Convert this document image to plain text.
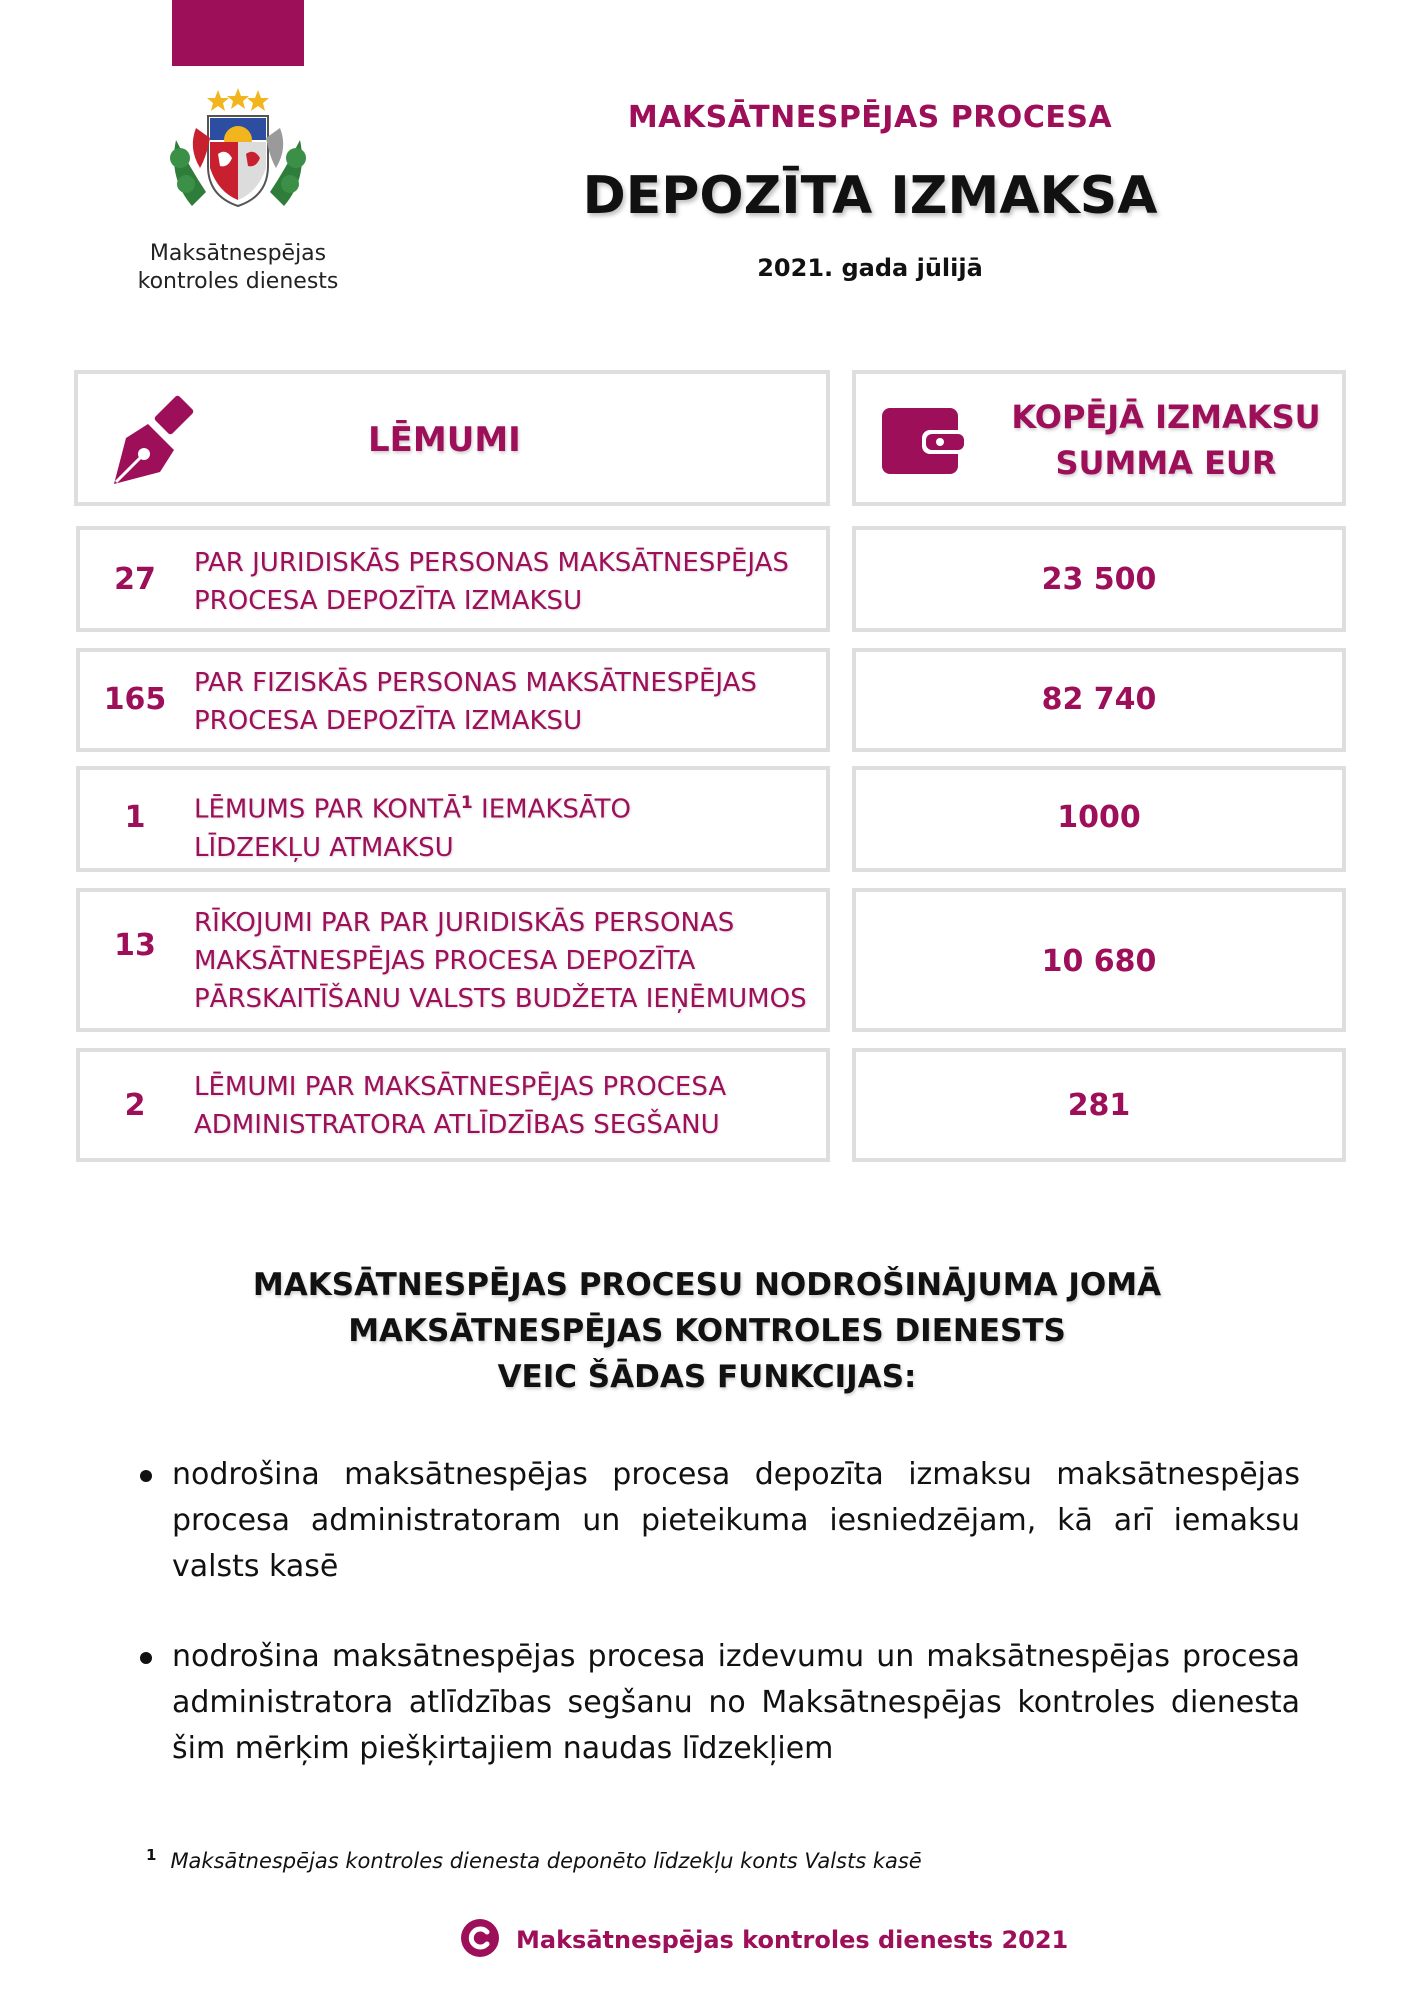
Maksātnespējas
kontroles dienests
MAKSĀTNESPĒJAS PROCESA
DEPOZĪTA IZMAKSA
2021. gada jūlijā
LĒMUMI
KOPĒJĀ IZMAKSU
SUMMA EUR
27	PAR JURIDISKĀS PERSONAS MAKSĀTNESPĒJAS
PROCESA DEPOZĪTA IZMAKSU
23 500
165	PAR FIZISKĀS PERSONAS MAKSĀTNESPĒJAS
PROCESA DEPOZĪTA IZMAKSU
82 740
1	LĒMUMS PAR KONTĀ$^1$ IEMAKSĀTO
LĪDZEKĻU ATMAKSU
1000
13
RĪKOJUMI PAR PAR JURIDISKĀS PERSONAS
MAKSĀTNESPĒJAS PROCESA DEPOZĪTA
PĀRSKAITĪŠANU VALSTS BUDŽETA IEŅĒMUMOS
10 680
2
LĒMUMI PAR MAKSĀTNESPĒJAS PROCESA
ADMINISTRATORA ATLĪDZĪBAS SEGŠANU
281
MAKSĀTNESPĒJAS PROCESU NODROŠINĀJUMA JOMĀ
MAKSĀTNESPĒJAS KONTROLES DIENESTS
VEIC ŠĀDAS FUNKCIJAS:
nodrošina maksātnespējas procesa depozīta izmaksu maksātnespējas procesa administratoram un pieteikuma iesniedzējam, kā arī iemaksu valsts kasē
nodrošina maksātnespējas procesa izdevumu un maksātnespējas procesa administratora atlīdzības segšanu no Maksātnespējas kontroles dienesta šim mērķim piešķirtajiem naudas līdzekļiem
$^1$ Maksātnespējas kontroles dienesta deponēto līdzekļu konts Valsts kasē
Maksātnespējas kontroles dienests 2021
